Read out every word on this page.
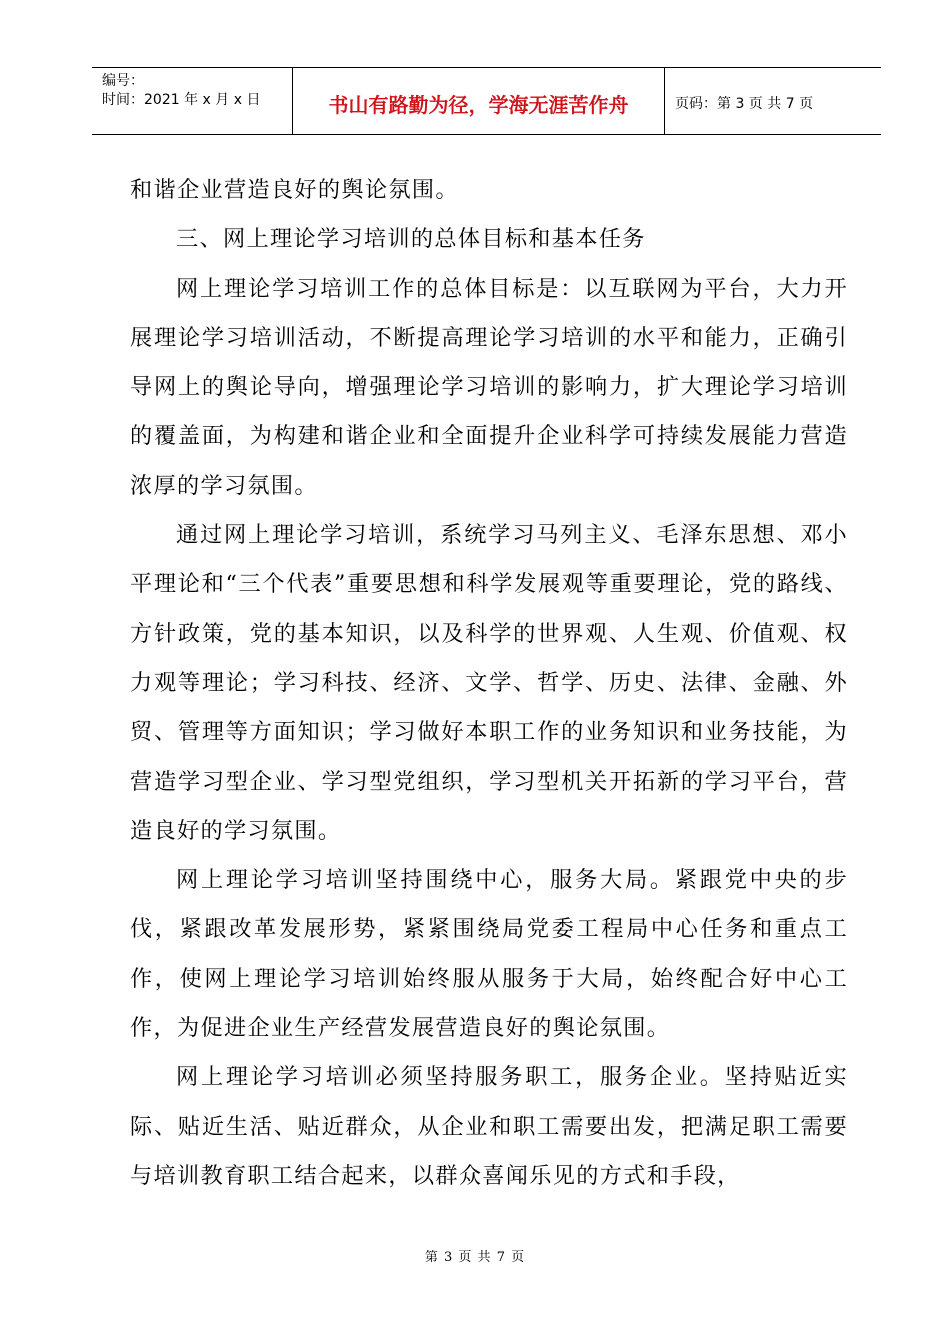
编号：
时间：2021 年 x 月 x 日	书山有路勤为径，学海无涯苦作舟	页码：第 3 页 共 7 页

和谐企业营造良好的舆论氛围。

三、网上理论学习培训的总体目标和基本任务

网上理论学习培训工作的总体目标是：以互联网为平台，大力开展理论学习培训活动，不断提高理论学习培训的水平和能力，正确引导网上的舆论导向，增强理论学习培训的影响力，扩大理论学习培训的覆盖面，为构建和谐企业和全面提升企业科学可持续发展能力营造浓厚的学习氛围。

通过网上理论学习培训，系统学习马列主义、毛泽东思想、邓小平理论和“三个代表”重要思想和科学发展观等重要理论，党的路线、方针政策，党的基本知识，以及科学的世界观、人生观、价值观、权力观等理论；学习科技、经济、文学、哲学、历史、法律、金融、外贸、管理等方面知识；学习做好本职工作的业务知识和业务技能，为营造学习型企业、学习型党组织，学习型机关开拓新的学习平台，营造良好的学习氛围。

网上理论学习培训坚持围绕中心，服务大局。紧跟党中央的步伐，紧跟改革发展形势，紧紧围绕局党委工程局中心任务和重点工作，使网上理论学习培训始终服从服务于大局，始终配合好中心工作，为促进企业生产经营发展营造良好的舆论氛围。

网上理论学习培训必须坚持服务职工，服务企业。坚持贴近实际、贴近生活、贴近群众，从企业和职工需要出发，把满足职工需要与培训教育职工结合起来，以群众喜闻乐见的方式和手段，

第 3 页 共 7 页
